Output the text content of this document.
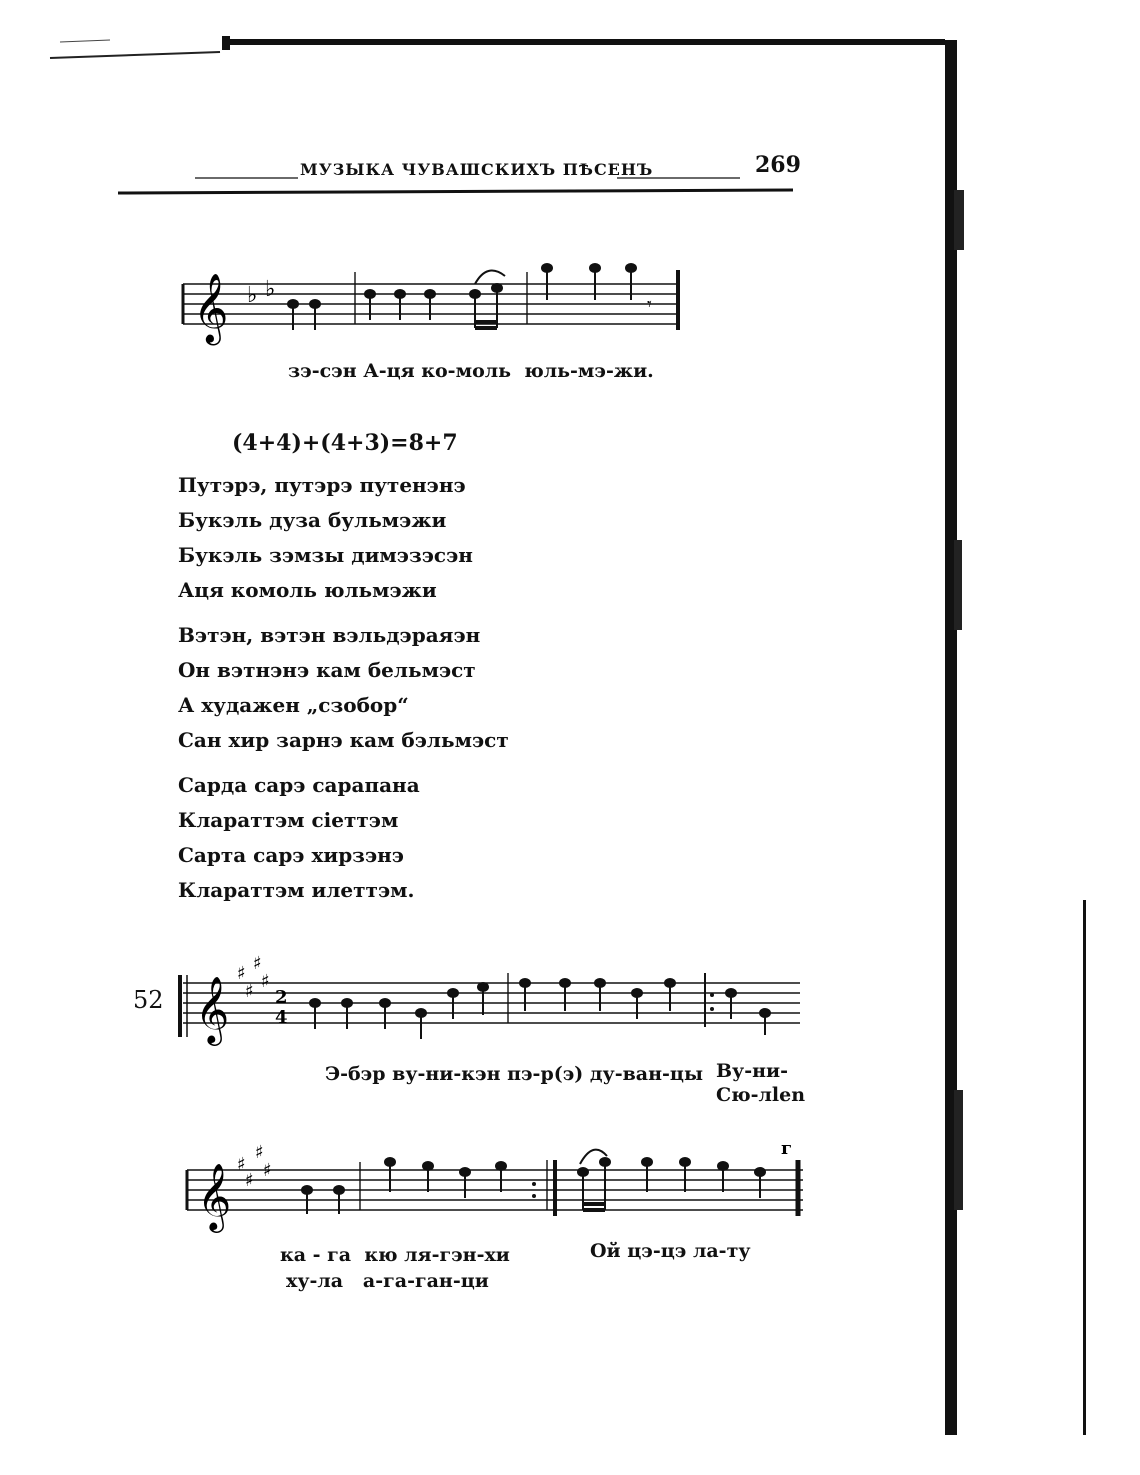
МУЗЫКА ЧУВАШСКИХЪ ПѢСЕНЪ	269
𝄞 ♭ ♭
𝄾
зэ-сэн А-ця ко-моль  юль-мэ-жи.
(4+4)+(4+3)=8+7
Путэрэ, путэрэ путенэнэ
Букэль дуза бульмэжи
Букэль зэмзы димэзэсэн
Аця комоль юльмэжи
Вэтэн, вэтэн вэльдэраяэн
Он вэтнэнэ кам бельмэст
А худажен „сзобор“
Сан хир зарнэ кам бэльмэст
Сарда сарэ сарапана
Клараттэм сіеттэм
Сарта сарэ хирзэнэ
Клараттэм илеттэм.
52 𝄞
♯ ♯
♯
♯ 2
4
Э-бэр ву-ни-кэн пэ-р(э) ду-ван-цы Ву-ни-
Сю-лlen
𝄞 ♯
♯
♯
♯
г
ка - га  кю ля-гэн-хи
ху-ла   а-га-ган-ци
Ой цэ-цэ ла-ту
